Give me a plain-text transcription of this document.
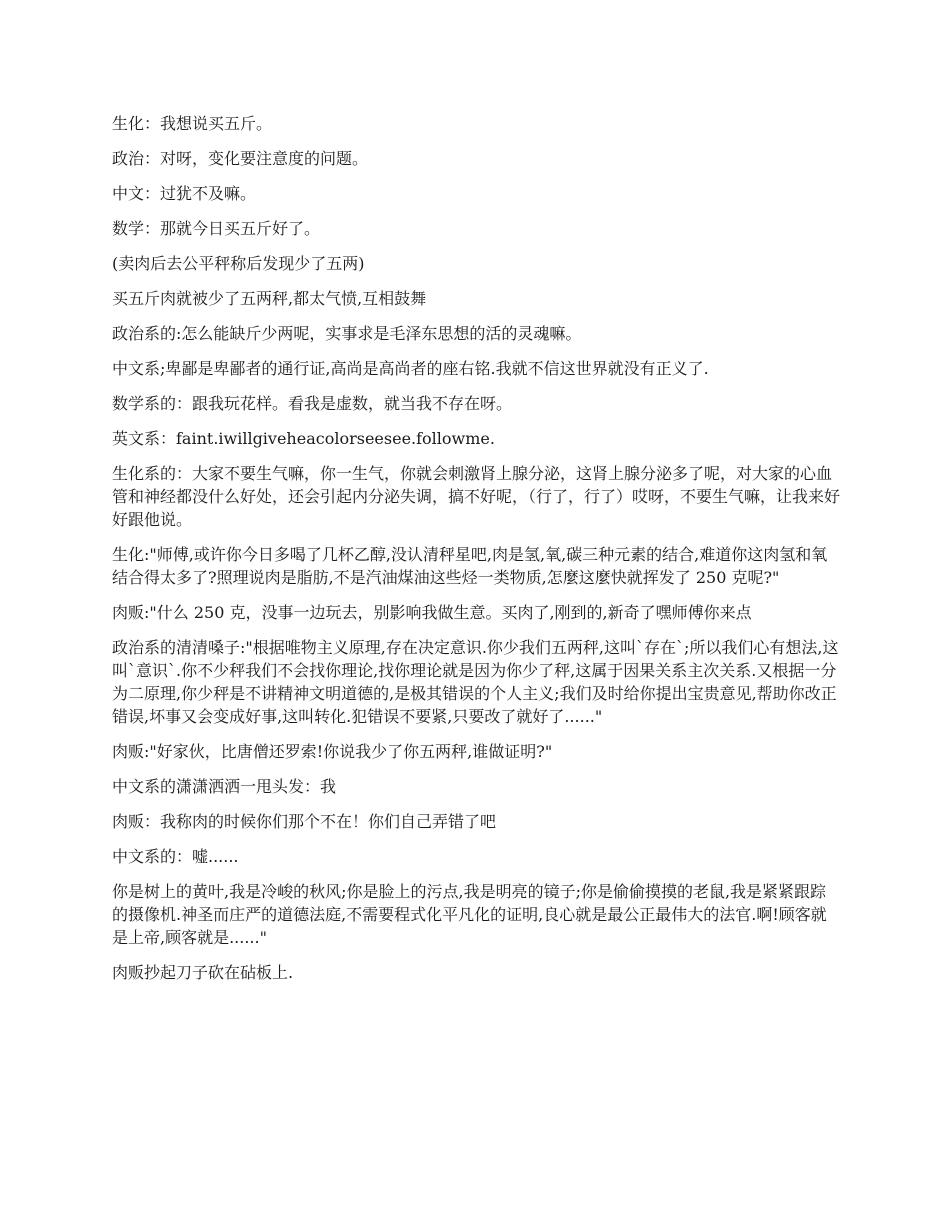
生化：我想说买五斤。

政治：对呀，变化要注意度的问题。

中文：过犹不及嘛。

数学：那就今日买五斤好了。

(卖肉后去公平秤称后发现少了五两)

买五斤肉就被少了五两秤,都太气愤,互相鼓舞

政治系的:怎么能缺斤少两呢，实事求是毛泽东思想的活的灵魂嘛。

中文系;卑鄙是卑鄙者的通行证,高尚是高尚者的座右铭.我就不信这世界就没有正义了.

数学系的：跟我玩花样。看我是虚数，就当我不存在呀。

英文系：faint.iwillgiveheacolorseesee.followme.

生化系的：大家不要生气嘛，你一生气，你就会刺激肾上腺分泌，这肾上腺分泌多了呢，对大家的心血管和神经都没什么好处，还会引起内分泌失调，搞不好呢，（行了，行了）哎呀，不要生气嘛，让我来好好跟他说。

生化:"师傅,或许你今日多喝了几杯乙醇,没认清秤星吧,肉是氢,氧,碳三种元素的结合,难道你这肉氢和氧结合得太多了?照理说肉是脂肪,不是汽油煤油这些烃一类物质,怎麼这麼快就挥发了 250 克呢?"

肉贩:"什么 250 克，没事一边玩去，别影响我做生意。买肉了,刚到的,新奇了嘿师傅你来点

政治系的清清嗓子:"根据唯物主义原理,存在决定意识.你少我们五两秤,这叫`存在`;所以我们心有想法,这叫`意识`.你不少秤我们不会找你理论,找你理论就是因为你少了秤,这属于因果关系主次关系.又根据一分为二原理,你少秤是不讲精神文明道德的,是极其错误的个人主义;我们及时给你提出宝贵意见,帮助你改正错误,坏事又会变成好事,这叫转化.犯错误不要紧,只要改了就好了......"

肉贩:"好家伙，比唐僧还罗索!你说我少了你五两秤,谁做证明?"

中文系的潇潇洒洒一甩头发：我

肉贩：我称肉的时候你们那个不在！你们自己弄错了吧

中文系的：嘘......

你是树上的黄叶,我是冷峻的秋风;你是脸上的污点,我是明亮的镜子;你是偷偷摸摸的老鼠,我是紧紧跟踪的摄像机.神圣而庄严的道德法庭,不需要程式化平凡化的证明,良心就是最公正最伟大的法官.啊!顾客就是上帝,顾客就是......"

肉贩抄起刀子砍在砧板上.
